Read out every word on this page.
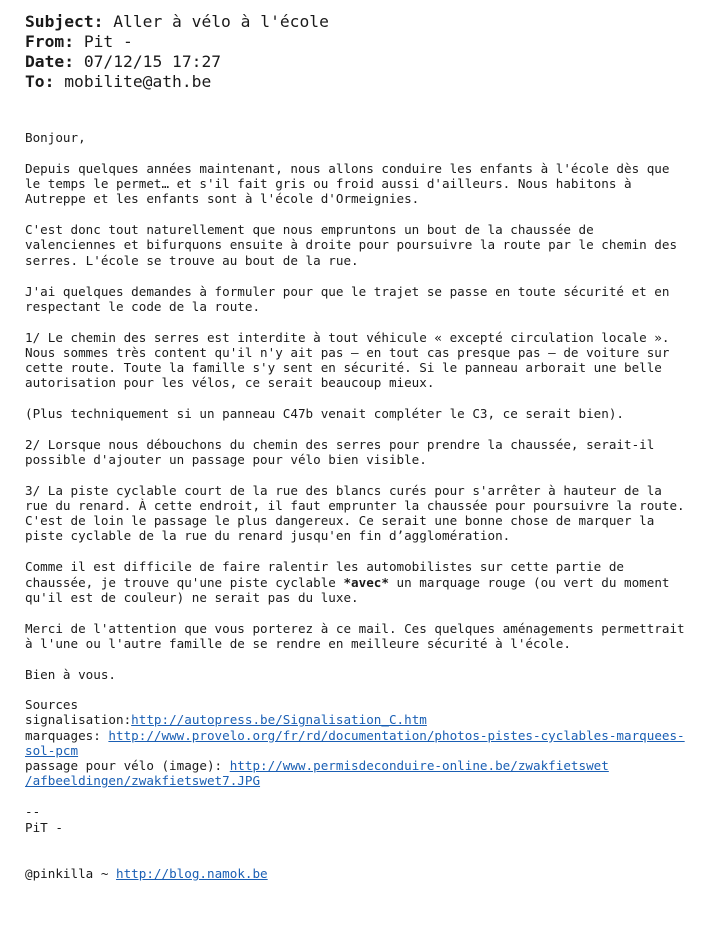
Subject: Aller à vélo à l'école
From: Pit -
Date: 07/12/15 17:27
To: mobilite@ath.be
Bonjour,
Depuis quelques années maintenant, nous allons conduire les enfants à l'école dès que
le temps le permet… et s'il fait gris ou froid aussi d'ailleurs. Nous habitons à
Autreppe et les enfants sont à l'école d'Ormeignies.
C'est donc tout naturellement que nous empruntons un bout de la chaussée de
valenciennes et bifurquons ensuite à droite pour poursuivre la route par le chemin des
serres. L'école se trouve au bout de la rue.
J'ai quelques demandes à formuler pour que le trajet se passe en toute sécurité et en
respectant le code de la route.
1/ Le chemin des serres est interdite à tout véhicule « excepté circulation locale ».
Nous sommes très content qu'il n'y ait pas – en tout cas presque pas – de voiture sur
cette route. Toute la famille s'y sent en sécurité. Si le panneau arborait une belle
autorisation pour les vélos, ce serait beaucoup mieux.
(Plus techniquement si un panneau C47b venait compléter le C3, ce serait bien).
2/ Lorsque nous débouchons du chemin des serres pour prendre la chaussée, serait-il
possible d'ajouter un passage pour vélo bien visible.
3/ La piste cyclable court de la rue des blancs curés pour s'arrêter à hauteur de la
rue du renard. À cette endroit, il faut emprunter la chaussée pour poursuivre la route.
C'est de loin le passage le plus dangereux. Ce serait une bonne chose de marquer la
piste cyclable de la rue du renard jusqu'en fin d’agglomération.
Comme il est difficile de faire ralentir les automobilistes sur cette partie de
chaussée, je trouve qu'une piste cyclable *avec* un marquage rouge (ou vert du moment
qu'il est de couleur) ne serait pas du luxe.
Merci de l'attention que vous porterez à ce mail. Ces quelques aménagements permettrait
à l'une ou l'autre famille de se rendre en meilleure sécurité à l'école.
Bien à vous.
Sources
signalisation:http://autopress.be/Signalisation_C.htm
marquages: http://www.provelo.org/fr/rd/documentation/photos-pistes-cyclables-marquees-
sol-pcm
passage pour vélo (image): http://www.permisdeconduire-online.be/zwakfietswet
/afbeeldingen/zwakfietswet7.JPG
--
PiT -
@pinkilla ~ http://blog.namok.be
